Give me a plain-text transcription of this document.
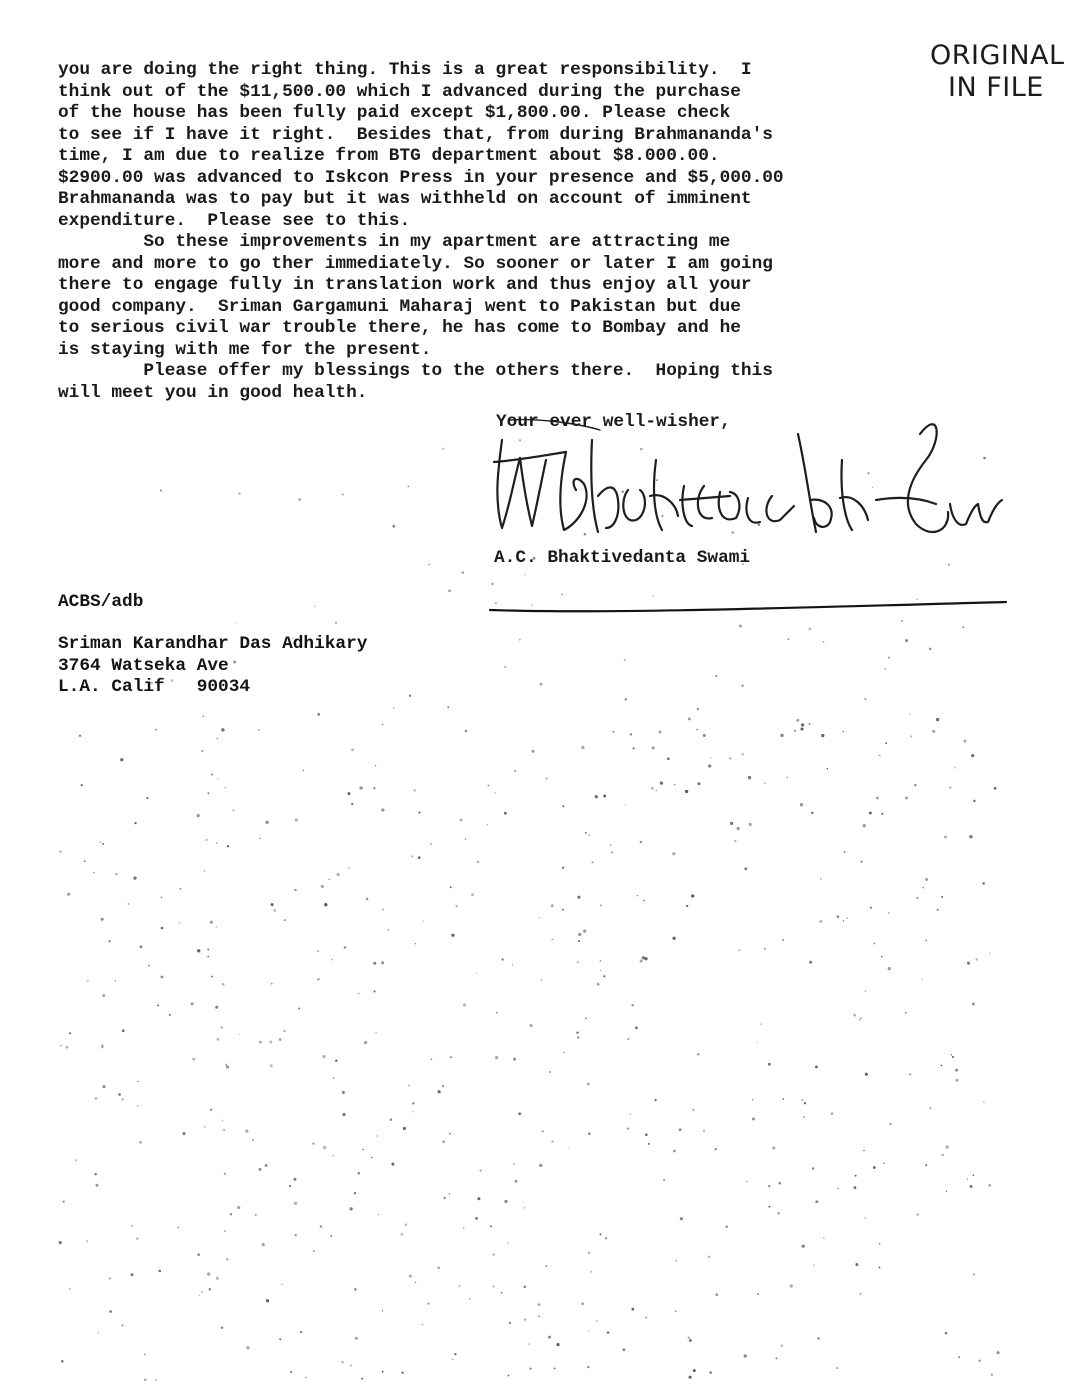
ORIGINAL
IN FILE
you are doing the right thing. This is a great responsibility.  I
think out of the $11,500.00 which I advanced during the purchase
of the house has been fully paid except $1,800.00. Please check
to see if I have it right.  Besides that, from during Brahmananda's
time, I am due to realize from BTG department about $8.000.00.
$2900.00 was advanced to Iskcon Press in your presence and $5,000.00
Brahmananda was to pay but it was withheld on account of imminent
expenditure.  Please see to this.
So these improvements in my apartment are attracting me
more and more to go ther immediately. So sooner or later I am going
there to engage fully in translation work and thus enjoy all your
good company.  Sriman Gargamuni Maharaj went to Pakistan but due
to serious civil war trouble there, he has come to Bombay and he
is staying with me for the present.
Please offer my blessings to the others there.  Hoping this
will meet you in good health.
Your ever well-wisher,
A.C. Bhaktivedanta Swami
ACBS/adb
Sriman Karandhar Das Adhikary
3764 Watseka Ave
L.A. Calif   90034
